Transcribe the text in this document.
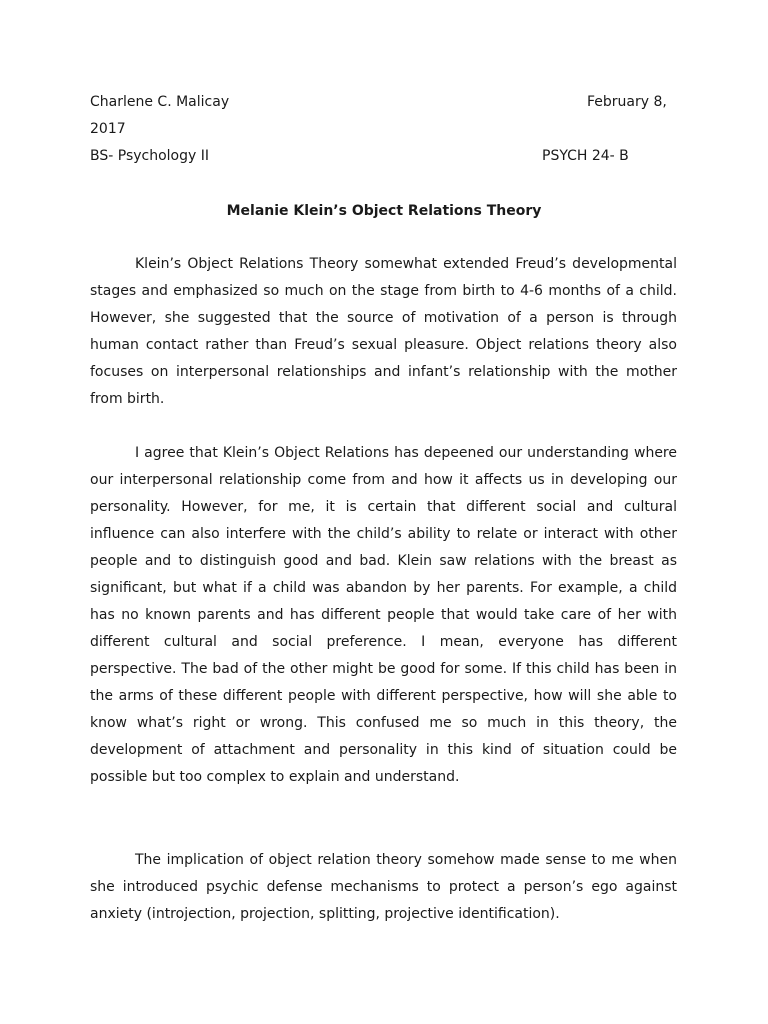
Charlene C. Malicay	February 8,
2017
BS- Psychology II	PSYCH 24- B
Melanie Klein’s Object Relations Theory

Klein’s Object Relations Theory somewhat extended Freud’s developmental stages and emphasized so much on the stage from birth to 4-6 months of a child. However, she suggested that the source of motivation of a person is through human contact rather than Freud’s sexual pleasure. Object relations theory also focuses on interpersonal relationships and infant’s relationship with the mother from birth.

I agree that Klein’s Object Relations has depeened our understanding where our interpersonal relationship come from and how it affects us in developing our personality. However, for me, it is certain that different social and cultural influence can also interfere with the child’s ability to relate or interact with other people and to distinguish good and bad. Klein saw relations with the breast as significant, but what if a child was abandon by her parents. For example, a child has no known parents and has different people that would take care of her with different cultural and social preference. I mean, everyone has different perspective. The bad of the other might be good for some. If this child has been in the arms of these different people with different perspective, how will she able to know what’s right or wrong. This confused me so much in this theory, the development of attachment and personality in this kind of situation could be possible but too complex to explain and understand.

The implication of object relation theory somehow made sense to me when she introduced psychic defense mechanisms to protect a person’s ego against anxiety (introjection, projection, splitting, projective identification).
